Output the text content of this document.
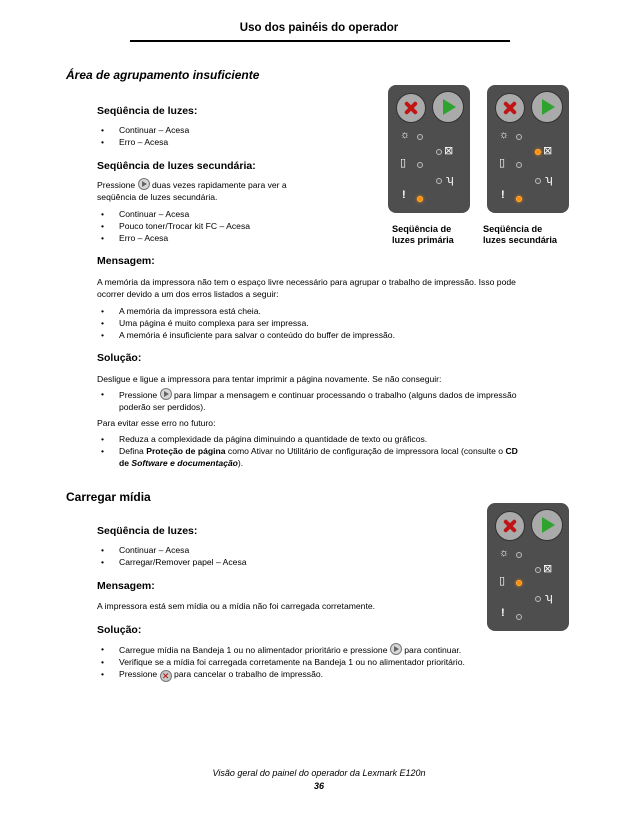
Uso dos painéis do operador
Área de agrupamento insuficiente
Seqüência de luzes:
• Continuar – Acesa
• Erro – Acesa
Seqüência de luzes secundária:
Pressione duas vezes rapidamente para ver a
seqüência de luzes secundária.
• Continuar – Acesa
• Pouco toner/Trocar kit FC – Acesa
• Erro – Acesa
☼
▯
⊠
ʮ
!
☼
▯
⊠
ʮ
!
Seqüência de
luzes primária
Seqüência de
luzes secundária
Mensagem:
A memória da impressora não tem o espaço livre necessário para agrupar o trabalho de impressão. Isso pode
ocorrer devido a um dos erros listados a seguir:
• A memória da impressora está cheia.
• Uma página é muito complexa para ser impressa.
• A memória é insuficiente para salvar o conteúdo do buffer de impressão.
Solução:
Desligue e ligue a impressora para tentar imprimir a página novamente. Se não conseguir:
• Pressione para limpar a mensagem e continuar processando o trabalho (alguns dados de impressão
poderão ser perdidos).
Para evitar esse erro no futuro:
• Reduza a complexidade da página diminuindo a quantidade de texto ou gráficos.
• Defina Proteção de página como Ativar no Utilitário de configuração de impressora local (consulte o CD
de Software e documentação).
Carregar mídia
Seqüência de luzes:
• Continuar – Acesa
• Carregar/Remover papel – Acesa
☼
▯
⊠
ʮ
!
Mensagem:
A impressora está sem mídia ou a mídia não foi carregada corretamente.
Solução:
• Carregue mídia na Bandeja 1 ou no alimentador prioritário e pressione para continuar.
• Verifique se a mídia foi carregada corretamente na Bandeja 1 ou no alimentador prioritário.
• Pressione ✕ para cancelar o trabalho de impressão.
Visão geral do painel do operador da Lexmark E120n
36
